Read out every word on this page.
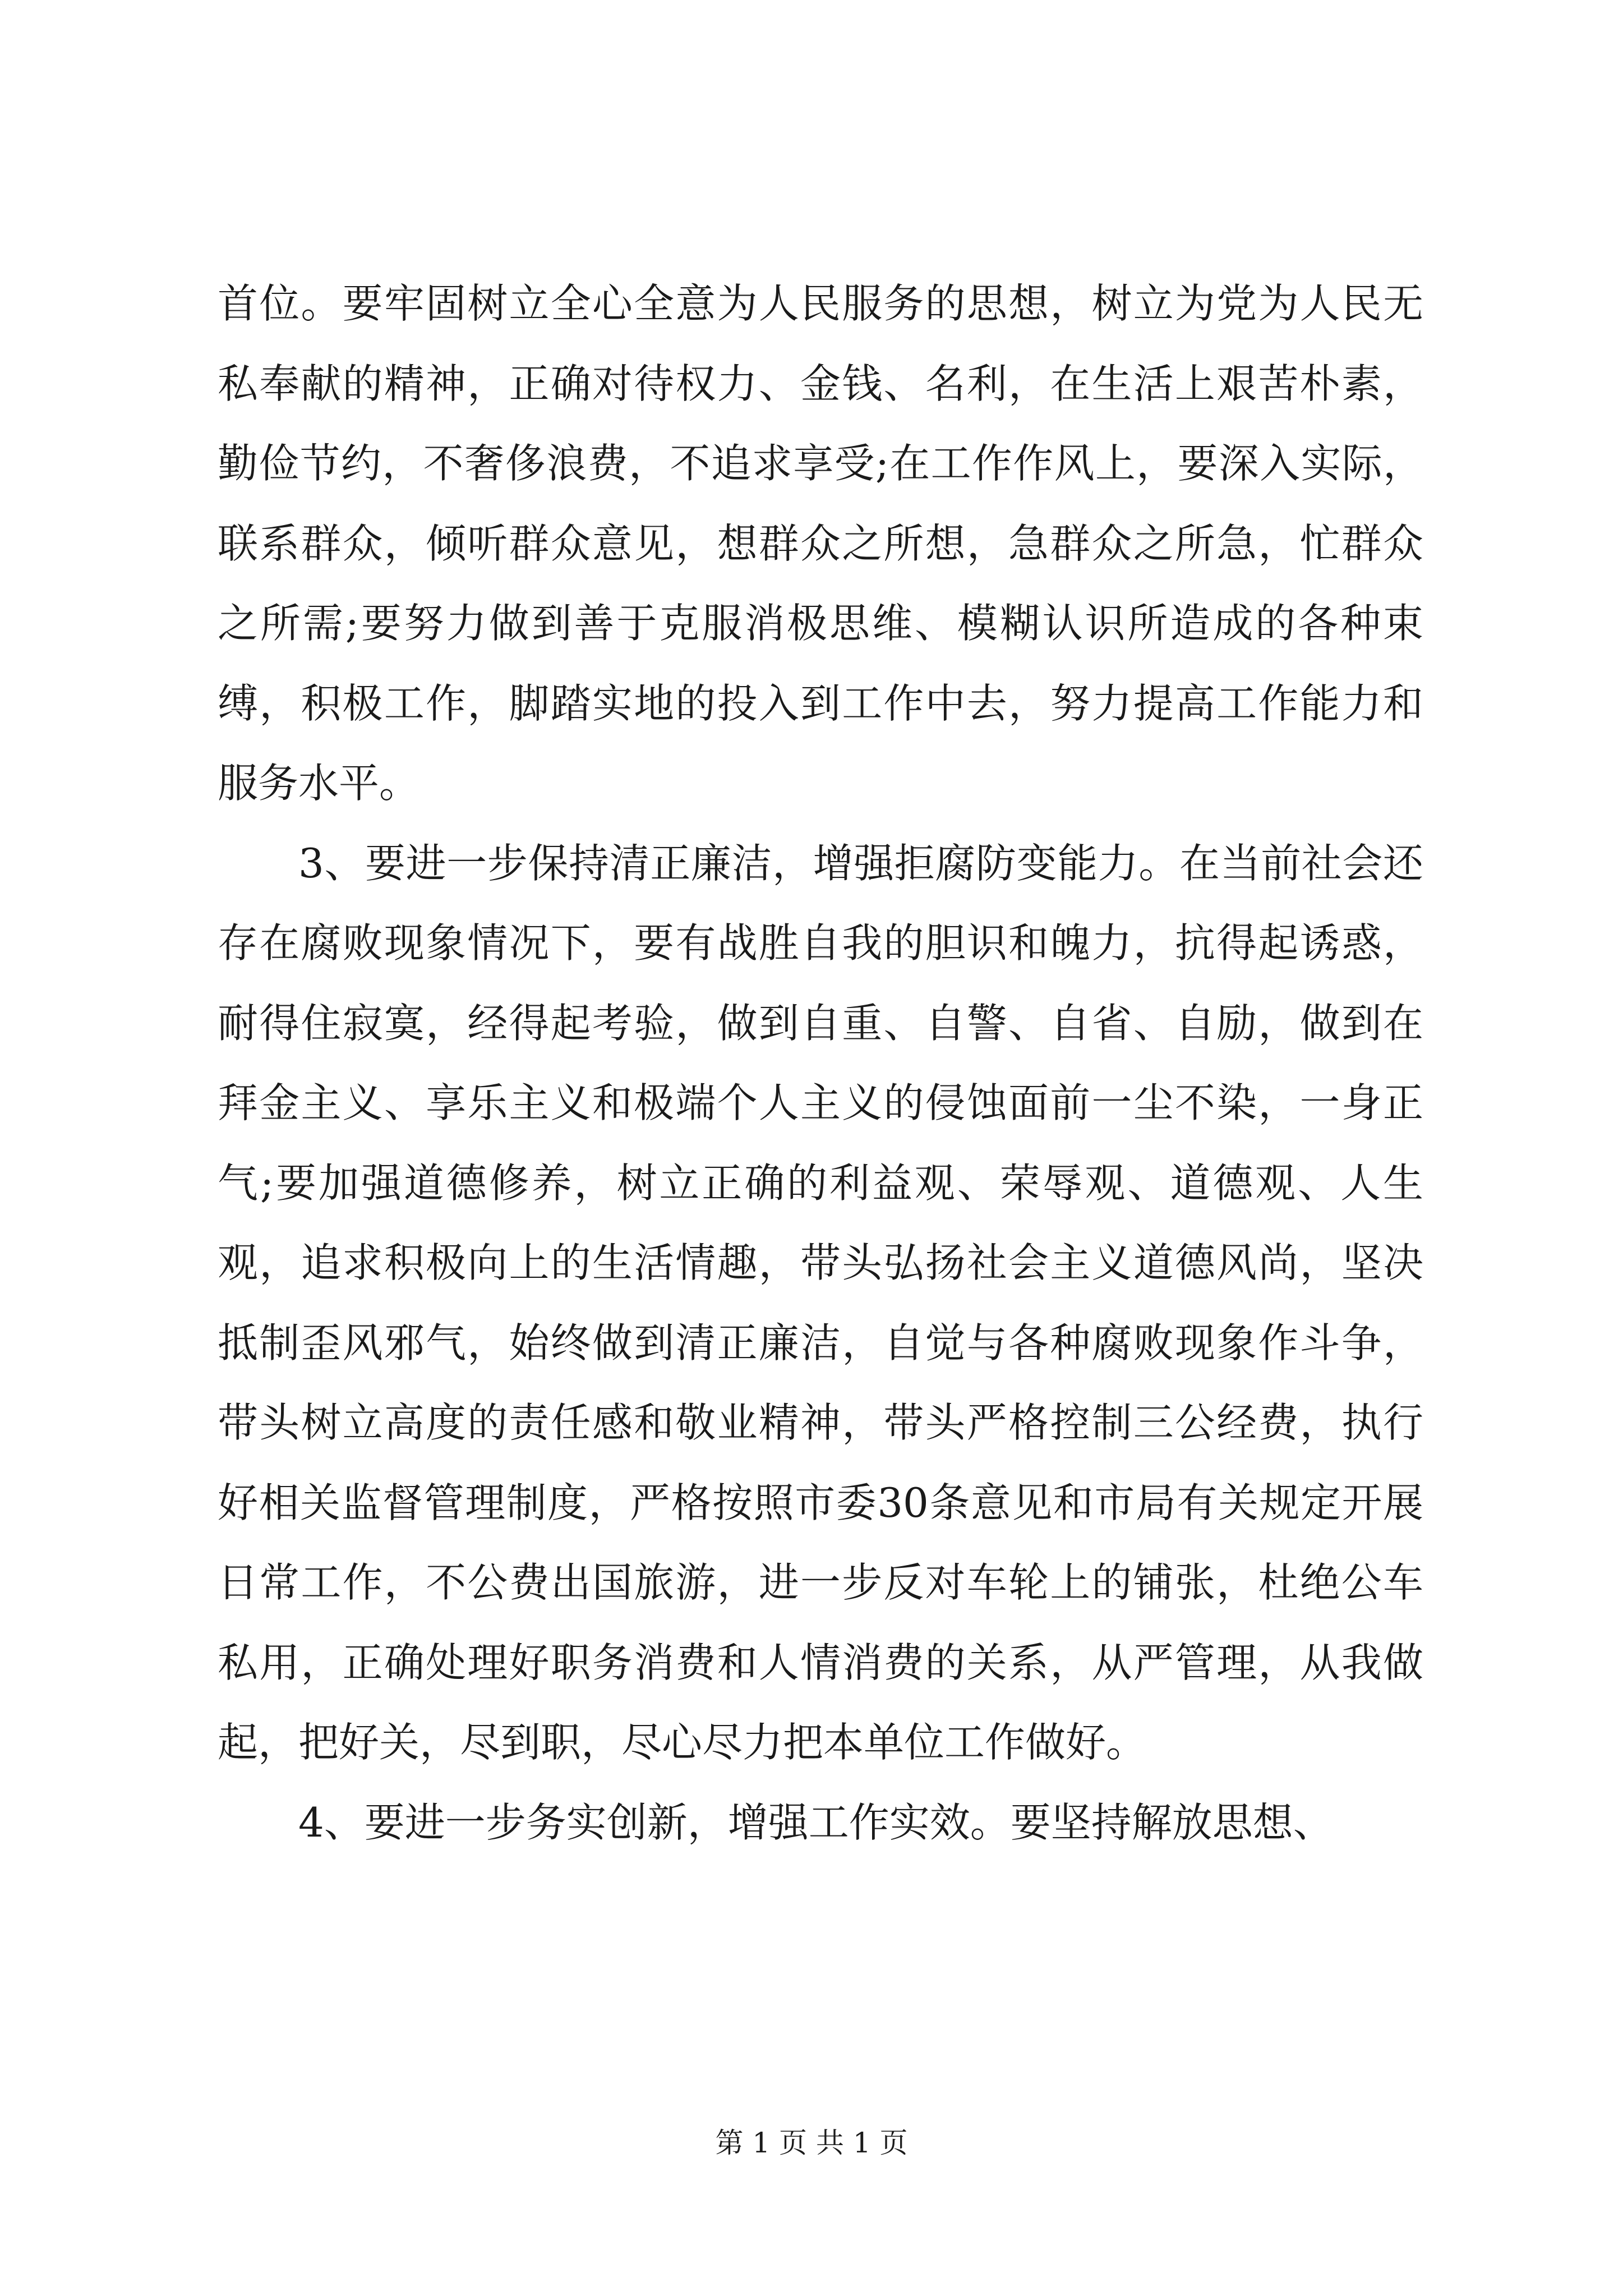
首位。要牢固树立全心全意为人民服务的思想，树立为党为人民无私奉献的精神，正确对待权力、金钱、名利，在生活上艰苦朴素，勤俭节约，不奢侈浪费，不追求享受;在工作作风上，要深入实际，联系群众，倾听群众意见，想群众之所想，急群众之所急，忙群众之所需;要努力做到善于克服消极思维、模糊认识所造成的各种束缚，积极工作，脚踏实地的投入到工作中去，努力提高工作能力和服务水平。

3、要进一步保持清正廉洁，增强拒腐防变能力。在当前社会还存在腐败现象情况下，要有战胜自我的胆识和魄力，抗得起诱惑，耐得住寂寞，经得起考验，做到自重、自警、自省、自励，做到在拜金主义、享乐主义和极端个人主义的侵蚀面前一尘不染，一身正气;要加强道德修养，树立正确的利益观、荣辱观、道德观、人生观，追求积极向上的生活情趣，带头弘扬社会主义道德风尚，坚决抵制歪风邪气，始终做到清正廉洁，自觉与各种腐败现象作斗争，带头树立高度的责任感和敬业精神，带头严格控制三公经费，执行好相关监督管理制度，严格按照市委30条意见和市局有关规定开展日常工作，不公费出国旅游，进一步反对车轮上的铺张，杜绝公车私用，正确处理好职务消费和人情消费的关系，从严管理，从我做起，把好关，尽到职，尽心尽力把本单位工作做好。

4、要进一步务实创新，增强工作实效。要坚持解放思想、

第 1 页 共 1 页
